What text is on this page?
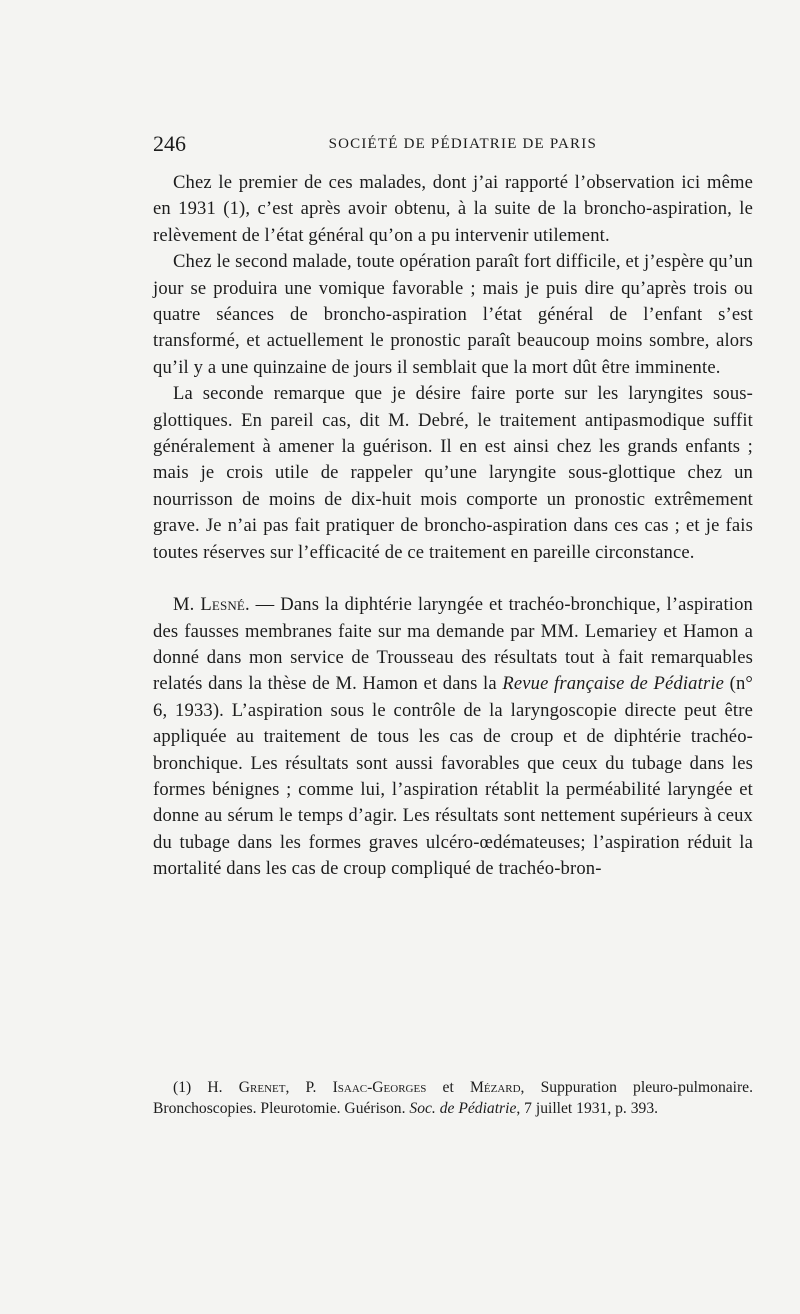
246	SOCIÉTÉ DE PÉDIATRIE DE PARIS

Chez le premier de ces malades, dont j’ai rapporté l’observation ici même en 1931 (1), c’est après avoir obtenu, à la suite de la broncho-aspiration, le relèvement de l’état général qu’on a pu intervenir utilement.

Chez le second malade, toute opération paraît fort difficile, et j’espère qu’un jour se produira une vomique favorable ; mais je puis dire qu’après trois ou quatre séances de broncho-aspiration l’état général de l’enfant s’est transformé, et actuellement le pronostic paraît beaucoup moins sombre, alors qu’il y a une quinzaine de jours il semblait que la mort dût être imminente.

La seconde remarque que je désire faire porte sur les laryngites sous-glottiques. En pareil cas, dit M. Debré, le traitement antipasmodique suffit généralement à amener la guérison. Il en est ainsi chez les grands enfants ; mais je crois utile de rappeler qu’une laryngite sous-glottique chez un nourrisson de moins de dix-huit mois comporte un pronostic extrêmement grave. Je n’ai pas fait pratiquer de broncho-aspiration dans ces cas ; et je fais toutes réserves sur l’efficacité de ce traitement en pareille circonstance.

M. Lesné. — Dans la diphtérie laryngée et trachéo-bronchique, l’aspiration des fausses membranes faite sur ma demande par MM. Lemariey et Hamon a donné dans mon service de Trousseau des résultats tout à fait remarquables relatés dans la thèse de M. Hamon et dans la Revue française de Pédiatrie (n° 6, 1933). L’aspiration sous le contrôle de la laryngoscopie directe peut être appliquée au traitement de tous les cas de croup et de diphtérie trachéo-bronchique. Les résultats sont aussi favorables que ceux du tubage dans les formes bénignes ; comme lui, l’aspiration rétablit la perméabilité laryngée et donne au sérum le temps d’agir. Les résultats sont nettement supérieurs à ceux du tubage dans les formes graves ulcéro-œdémateuses; l’aspiration réduit la mortalité dans les cas de croup compliqué de trachéo-bron-

(1) H. Grenet, P. Isaac-Georges et Mézard, Suppuration pleuro-pulmonaire. Bronchoscopies. Pleurotomie. Guérison. Soc. de Pédiatrie, 7 juillet 1931, p. 393.
